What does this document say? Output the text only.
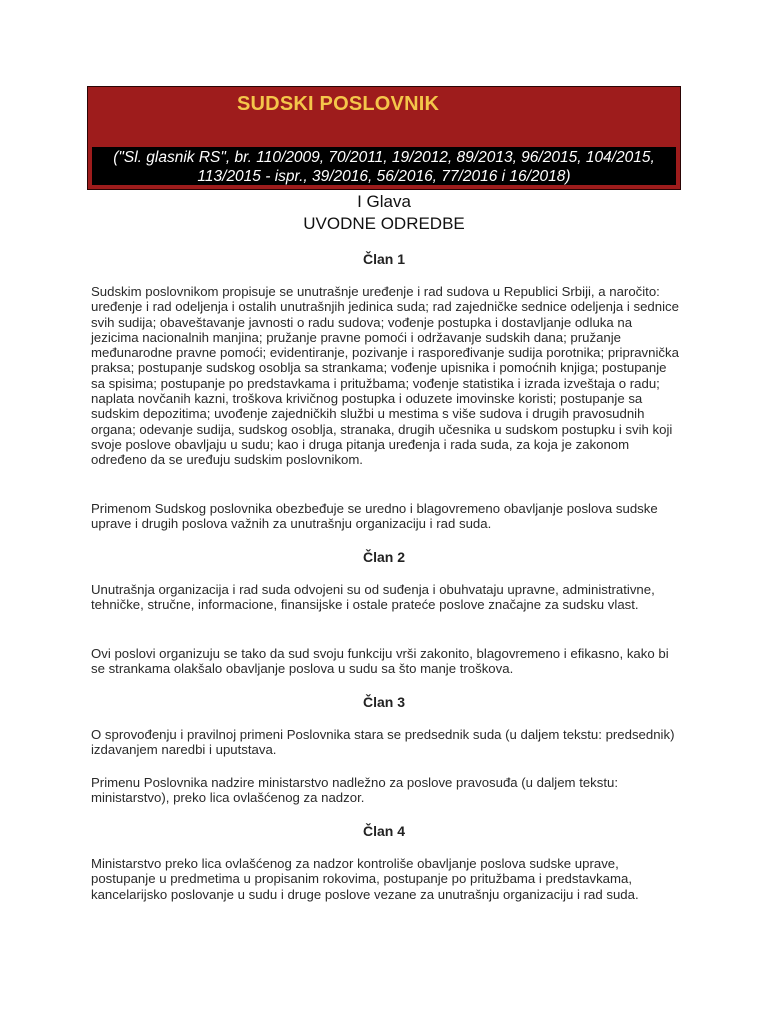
SUDSKI POSLOVNIK
("Sl. glasnik RS", br. 110/2009, 70/2011, 19/2012, 89/2013, 96/2015, 104/2015, 113/2015 - ispr., 39/2016, 56/2016, 77/2016 i 16/2018)
I Glava
UVODNE ODREDBE
Član 1
Sudskim poslovnikom propisuje se unutrašnje uređenje i rad sudova u Republici Srbiji, a naročito: uređenje i rad odeljenja i ostalih unutrašnjih jedinica suda; rad zajedničke sednice odeljenja i sednice svih sudija; obaveštavanje javnosti o radu sudova; vođenje postupka i dostavljanje odluka na jezicima nacionalnih manjina; pružanje pravne pomoći i održavanje sudskih dana; pružanje međunarodne pravne pomoći; evidentiranje, pozivanje i raspoređivanje sudija porotnika; pripravnička praksa; postupanje sudskog osoblja sa strankama; vođenje upisnika i pomoćnih knjiga; postupanje sa spisima; postupanje po predstavkama i pritužbama; vođenje statistika i izrada izveštaja o radu; naplata novčanih kazni, troškova krivičnog postupka i oduzete imovinske koristi; postupanje sa sudskim depozitima; uvođenje zajedničkih službi u mestima s više sudova i drugih pravosudnih organa; odevanje sudija, sudskog osoblja, stranaka, drugih učesnika u sudskom postupku i svih koji svoje poslove obavljaju u sudu; kao i druga pitanja uređenja i rada suda, za koja je zakonom određeno da se uređuju sudskim poslovnikom.
Primenom Sudskog poslovnika obezbeđuje se uredno i blagovremeno obavljanje poslova sudske uprave i drugih poslova važnih za unutrašnju organizaciju i rad suda.
Član 2
Unutrašnja organizacija i rad suda odvojeni su od suđenja i obuhvataju upravne, administrativne, tehničke, stručne, informacione, finansijske i ostale prateće poslove značajne za sudsku vlast.
Ovi poslovi organizuju se tako da sud svoju funkciju vrši zakonito, blagovremeno i efikasno, kako bi se strankama olakšalo obavljanje poslova u sudu sa što manje troškova.
Član 3
O sprovođenju i pravilnoj primeni Poslovnika stara se predsednik suda (u daljem tekstu: predsednik) izdavanjem naredbi i uputstava.
Primenu Poslovnika nadzire ministarstvo nadležno za poslove pravosuđa (u daljem tekstu: ministarstvo), preko lica ovlašćenog za nadzor.
Član 4
Ministarstvo preko lica ovlašćenog za nadzor kontroliše obavljanje poslova sudske uprave, postupanje u predmetima u propisanim rokovima, postupanje po pritužbama i predstavkama, kancelarijsko poslovanje u sudu i druge poslove vezane za unutrašnju organizaciju i rad suda.
